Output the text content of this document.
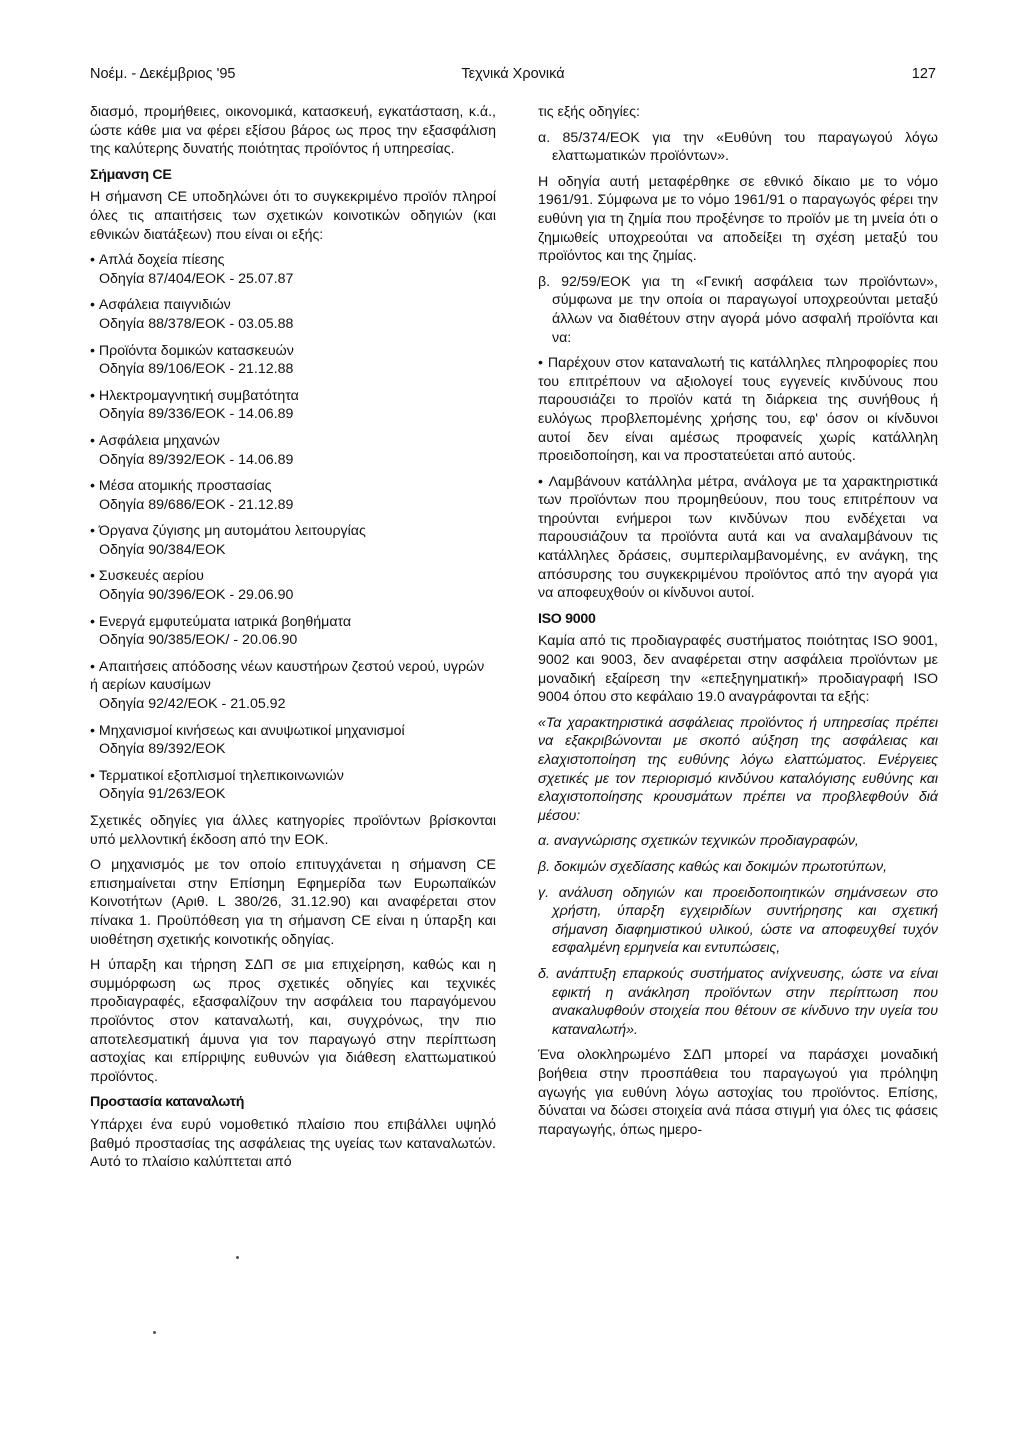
Νοέμ. - Δεκέμβριος '95	Τεχνικά Χρονικά	127

διασμό, προμήθειες, οικονομικά, κατασκευή, εγκατάσταση, κ.ά., ώστε κάθε μια να φέρει εξίσου βάρος ως προς την εξασφάλιση της καλύτερης δυνατής ποιότητας προϊόντος ή υπηρεσίας.

Σήμανση CE

Η σήμανση CE υποδηλώνει ότι το συγκεκριμένο προϊόν πληροί όλες τις απαιτήσεις των σχετικών κοινοτικών οδηγιών (και εθνικών διατάξεων) που είναι οι εξής:

• Απλά δοχεία πίεσης
Οδηγία 87/404/ΕΟΚ - 25.07.87
• Ασφάλεια παιγνιδιών
Οδηγία 88/378/ΕΟΚ - 03.05.88
• Προϊόντα δομικών κατασκευών
Οδηγία 89/106/ΕΟΚ - 21.12.88
• Ηλεκτρομαγνητική συμβατότητα
Οδηγία 89/336/ΕΟΚ - 14.06.89
• Ασφάλεια μηχανών
Οδηγία 89/392/ΕΟΚ - 14.06.89
• Μέσα ατομικής προστασίας
Οδηγία 89/686/ΕΟΚ - 21.12.89
• Όργανα ζύγισης μη αυτομάτου λειτουργίας
Οδηγία 90/384/ΕΟΚ
• Συσκευές αερίου
Οδηγία 90/396/ΕΟΚ - 29.06.90
• Ενεργά εμφυτεύματα ιατρικά βοηθήματα
Οδηγία 90/385/ΕΟΚ/ - 20.06.90
• Απαιτήσεις απόδοσης νέων καυστήρων ζεστού νερού, υγρών ή αερίων καυσίμων
Οδηγία 92/42/ΕΟΚ - 21.05.92
• Μηχανισμοί κινήσεως και ανυψωτικοί μηχανισμοί
Οδηγία 89/392/ΕΟΚ
• Τερματικοί εξοπλισμοί τηλεπικοινωνιών
Οδηγία 91/263/ΕΟΚ

Σχετικές οδηγίες για άλλες κατηγορίες προϊόντων βρίσκονται υπό μελλοντική έκδοση από την ΕΟΚ.

Ο μηχανισμός με τον οποίο επιτυγχάνεται η σήμανση CE επισημαίνεται στην Επίσημη Εφημερίδα των Ευρωπαϊκών Κοινοτήτων (Αριθ. L 380/26, 31.12.90) και αναφέρεται στον πίνακα 1. Προϋπόθεση για τη σήμανση CE είναι η ύπαρξη και υιοθέτηση σχετικής κοινοτικής οδηγίας.

Η ύπαρξη και τήρηση ΣΔΠ σε μια επιχείρηση, καθώς και η συμμόρφωση ως προς σχετικές οδηγίες και τεχνικές προδιαγραφές, εξασφαλίζουν την ασφάλεια του παραγόμενου προϊόντος στον καταναλωτή, και, συγχρόνως, την πιο αποτελεσματική άμυνα για τον παραγωγό στην περίπτωση αστοχίας και επίρριψης ευθυνών για διάθεση ελαττωματικού προϊόντος.

Προστασία καταναλωτή

Υπάρχει ένα ευρύ νομοθετικό πλαίσιο που επιβάλλει υψηλό βαθμό προστασίας της ασφάλειας της υγείας των καταναλωτών. Αυτό το πλαίσιο καλύπτεται από

τις εξής οδηγίες:

α. 85/374/ΕΟΚ για την «Ευθύνη του παραγωγού λόγω ελαττωματικών προϊόντων».

Η οδηγία αυτή μεταφέρθηκε σε εθνικό δίκαιο με το νόμο 1961/91. Σύμφωνα με το νόμο 1961/91 ο παραγωγός φέρει την ευθύνη για τη ζημία που προξένησε το προϊόν με τη μνεία ότι ο ζημιωθείς υποχρεούται να αποδείξει τη σχέση μεταξύ του προϊόντος και της ζημίας.

β. 92/59/ΕΟΚ για τη «Γενική ασφάλεια των προϊόντων», σύμφωνα με την οποία οι παραγωγοί υποχρεούνται μεταξύ άλλων να διαθέτουν στην αγορά μόνο ασφαλή προϊόντα και να:

• Παρέχουν στον καταναλωτή τις κατάλληλες πληροφορίες που του επιτρέπουν να αξιολογεί τους εγγενείς κινδύνους που παρουσιάζει το προϊόν κατά τη διάρκεια της συνήθους ή ευλόγως προβλεπομένης χρήσης του, εφ' όσον οι κίνδυνοι αυτοί δεν είναι αμέσως προφανείς χωρίς κατάλληλη προειδοποίηση, και να προστατεύεται από αυτούς.

• Λαμβάνουν κατάλληλα μέτρα, ανάλογα με τα χαρακτηριστικά των προϊόντων που προμηθεύουν, που τους επιτρέπουν να τηρούνται ενήμεροι των κινδύνων που ενδέχεται να παρουσιάζουν τα προϊόντα αυτά και να αναλαμβάνουν τις κατάλληλες δράσεις, συμπεριλαμβανομένης, εν ανάγκη, της απόσυρσης του συγκεκριμένου προϊόντος από την αγορά για να αποφευχθούν οι κίνδυνοι αυτοί.

ISO 9000

Καμία από τις προδιαγραφές συστήματος ποιότητας ISO 9001, 9002 και 9003, δεν αναφέρεται στην ασφάλεια προϊόντων με μοναδική εξαίρεση την «επεξηγηματική» προδιαγραφή ISO 9004 όπου στο κεφάλαιο 19.0 αναγράφονται τα εξής:

«Τα χαρακτηριστικά ασφάλειας προϊόντος ή υπηρεσίας πρέπει να εξακριβώνονται με σκοπό αύξηση της ασφάλειας και ελαχιστοποίηση της ευθύνης λόγω ελαττώματος. Ενέργειες σχετικές με τον περιορισμό κινδύνου καταλόγισης ευθύνης και ελαχιστοποίησης κρουσμάτων πρέπει να προβλεφθούν διά μέσου:

α. αναγνώρισης σχετικών τεχνικών προδιαγραφών,

β. δοκιμών σχεδίασης καθώς και δοκιμών πρωτοτύπων,

γ. ανάλυση οδηγιών και προειδοποιητικών σημάνσεων στο χρήστη, ύπαρξη εγχειριδίων συντήρησης και σχετική σήμανση διαφημιστικού υλικού, ώστε να αποφευχθεί τυχόν εσφαλμένη ερμηνεία και εντυπώσεις,

δ. ανάπτυξη επαρκούς συστήματος ανίχνευσης, ώστε να είναι εφικτή η ανάκληση προϊόντων στην περίπτωση που ανακαλυφθούν στοιχεία που θέτουν σε κίνδυνο την υγεία του καταναλωτή».

Ένα ολοκληρωμένο ΣΔΠ μπορεί να παράσχει μοναδική βοήθεια στην προσπάθεια του παραγωγού για πρόληψη αγωγής για ευθύνη λόγω αστοχίας του προϊόντος. Επίσης, δύναται να δώσει στοιχεία ανά πάσα στιγμή για όλες τις φάσεις παραγωγής, όπως ημερο-
